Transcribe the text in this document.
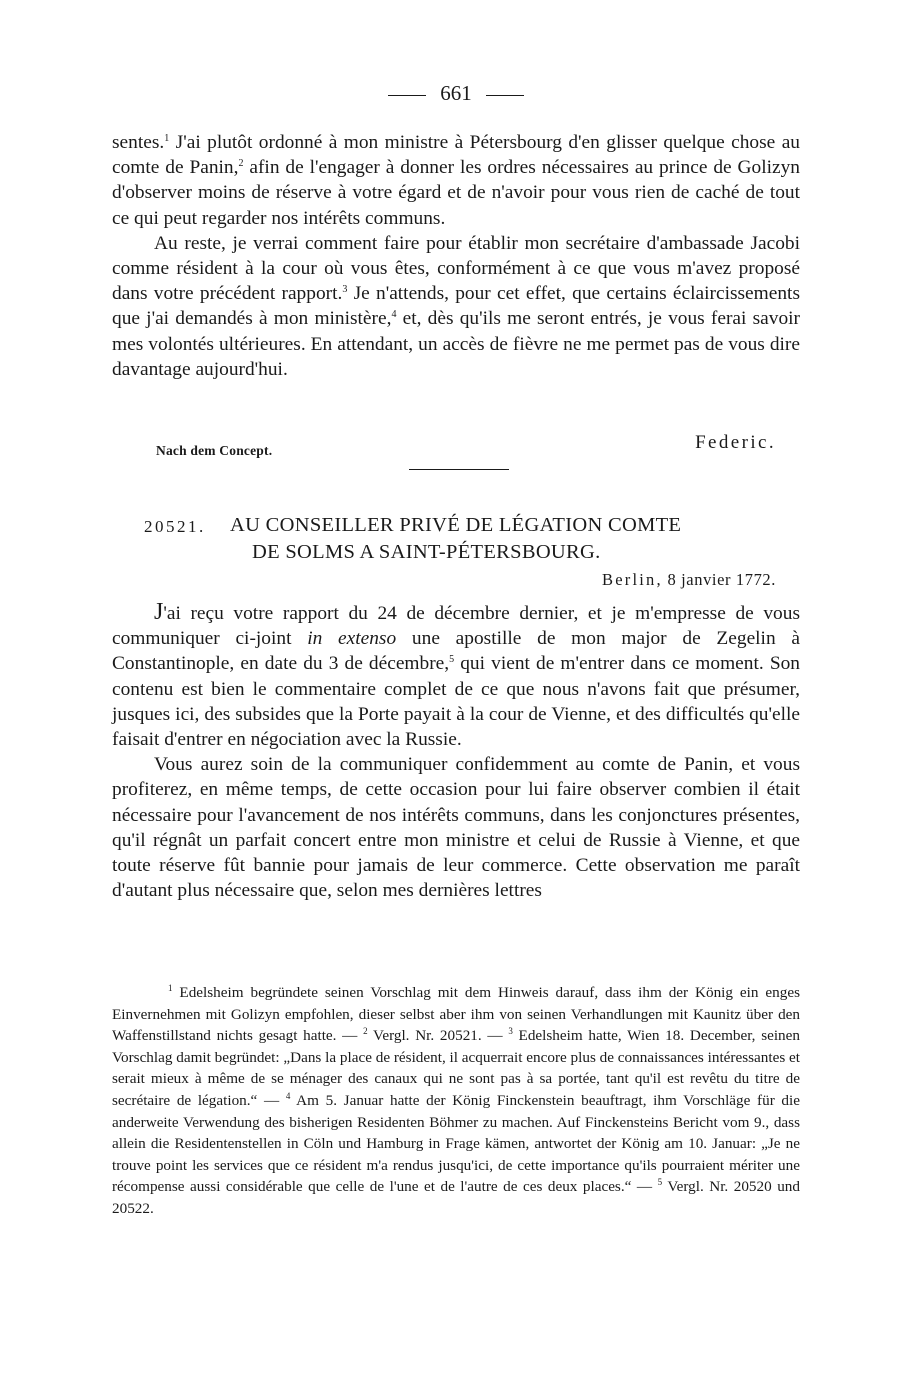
661

sentes.$^1$ J'ai plutôt ordonné à mon ministre à Pétersbourg d'en glisser quelque chose au comte de Panin,$^2$ afin de l'engager à donner les ordres nécessaires au prince de Golizyn d'observer moins de réserve à votre égard et de n'avoir pour vous rien de caché de tout ce qui peut regarder nos intérêts communs.

Au reste, je verrai comment faire pour établir mon secrétaire d'ambassade Jacobi comme résident à la cour où vous êtes, conformément à ce que vous m'avez proposé dans votre précédent rapport.$^3$ Je n'attends, pour cet effet, que certains éclaircissements que j'ai demandés à mon ministère,$^4$ et, dès qu'ils me seront entrés, je vous ferai savoir mes volontés ultérieures. En attendant, un accès de fièvre ne me permet pas de vous dire davantage aujourd'hui.

Nach dem Concept.	Federic.
20521. AU CONSEILLER PRIVÉ DE LÉGATION COMTE
DE SOLMS A SAINT-PÉTERSBOURG.
Berlin, 8 janvier 1772.

J'ai reçu votre rapport du 24 de décembre dernier, et je m'empresse de vous communiquer ci-joint in extenso une apostille de mon major de Zegelin à Constantinople, en date du 3 de décembre,$^5$ qui vient de m'entrer dans ce moment. Son contenu est bien le commentaire complet de ce que nous n'avons fait que présumer, jusques ici, des subsides que la Porte payait à la cour de Vienne, et des difficultés qu'elle faisait d'entrer en négociation avec la Russie.

Vous aurez soin de la communiquer confidemment au comte de Panin, et vous profiterez, en même temps, de cette occasion pour lui faire observer combien il était nécessaire pour l'avancement de nos intérêts communs, dans les conjonctures présentes, qu'il régnât un parfait concert entre mon ministre et celui de Russie à Vienne, et que toute réserve fût bannie pour jamais de leur commerce. Cette observation me paraît d'autant plus nécessaire que, selon mes dernières lettres

$^1$ Edelsheim begründete seinen Vorschlag mit dem Hinweis darauf, dass ihm der König ein enges Einvernehmen mit Golizyn empfohlen, dieser selbst aber ihm von seinen Verhandlungen mit Kaunitz über den Waffenstillstand nichts gesagt hatte. — $^2$ Vergl. Nr. 20521. — $^3$ Edelsheim hatte, Wien 18. December, seinen Vorschlag damit begründet: „Dans la place de résident, il acquerrait encore plus de connaissances intéressantes et serait mieux à même de se ménager des canaux qui ne sont pas à sa portée, tant qu'il est revêtu du titre de secrétaire de légation.“ — $^4$ Am 5. Januar hatte der König Finckenstein beauftragt, ihm Vorschläge für die anderweite Verwendung des bisherigen Residenten Böhmer zu machen. Auf Finckensteins Bericht vom 9., dass allein die Residentenstellen in Cöln und Hamburg in Frage kämen, antwortet der König am 10. Januar: „Je ne trouve point les services que ce résident m'a rendus jusqu'ici, de cette importance qu'ils pourraient mériter une récompense aussi considérable que celle de l'une et de l'autre de ces deux places.“ — $^5$ Vergl. Nr. 20520 und 20522.
